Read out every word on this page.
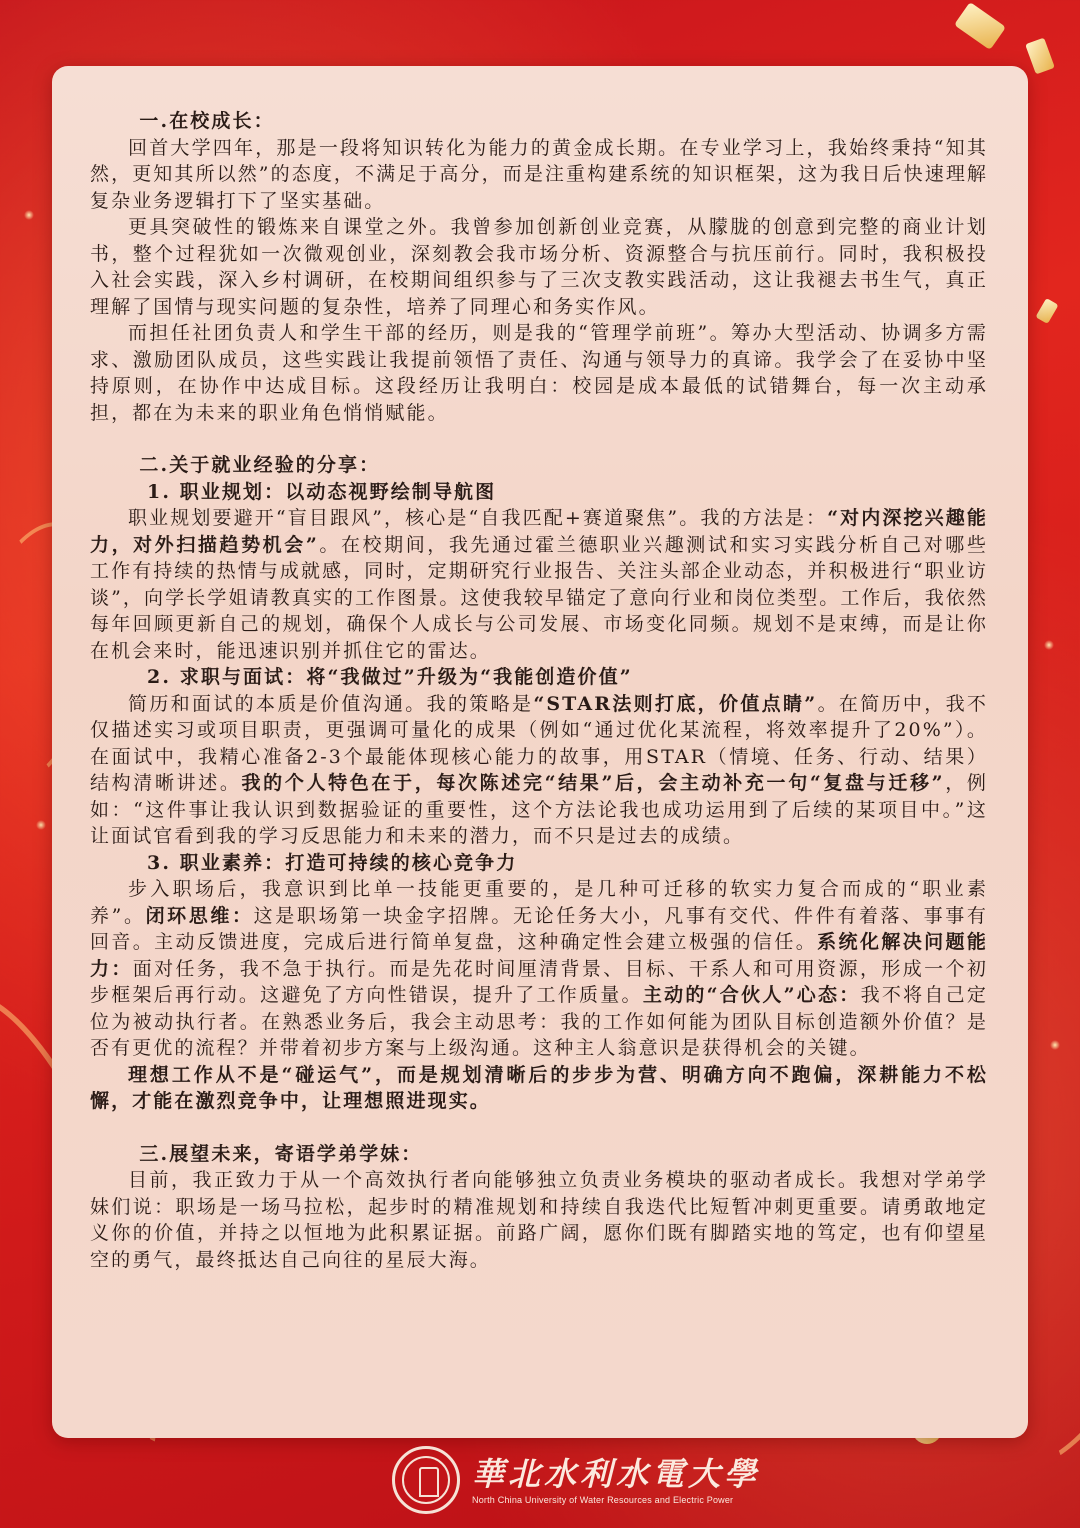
一.在校成长：

回首大学四年，那是一段将知识转化为能力的黄金成长期。在专业学习上，我始终秉持“知其然，更知其所以然”的态度，不满足于高分，而是注重构建系统的知识框架，这为我日后快速理解复杂业务逻辑打下了坚实基础。

更具突破性的锻炼来自课堂之外。我曾参加创新创业竞赛，从朦胧的创意到完整的商业计划书，整个过程犹如一次微观创业，深刻教会我市场分析、资源整合与抗压前行。同时，我积极投入社会实践，深入乡村调研，在校期间组织参与了三次支教实践活动，这让我褪去书生气，真正理解了国情与现实问题的复杂性，培养了同理心和务实作风。

而担任社团负责人和学生干部的经历，则是我的“管理学前班”。筹办大型活动、协调多方需求、激励团队成员，这些实践让我提前领悟了责任、沟通与领导力的真谛。我学会了在妥协中坚持原则，在协作中达成目标。这段经历让我明白：校园是成本最低的试错舞台，每一次主动承担，都在为未来的职业角色悄悄赋能。

二.关于就业经验的分享：

1. 职业规划：以动态视野绘制导航图

职业规划要避开“盲目跟风”，核心是“自我匹配+赛道聚焦”。我的方法是：“对内深挖兴趣能力，对外扫描趋势机会”。在校期间，我先通过霍兰德职业兴趣测试和实习实践分析自己对哪些工作有持续的热情与成就感，同时，定期研究行业报告、关注头部企业动态，并积极进行“职业访谈”，向学长学姐请教真实的工作图景。这使我较早锚定了意向行业和岗位类型。工作后，我依然每年回顾更新自己的规划，确保个人成长与公司发展、市场变化同频。规划不是束缚，而是让你在机会来时，能迅速识别并抓住它的雷达。

2. 求职与面试：将“我做过”升级为“我能创造价值”

简历和面试的本质是价值沟通。我的策略是“STAR法则打底，价值点睛”。在简历中，我不仅描述实习或项目职责，更强调可量化的成果（例如“通过优化某流程，将效率提升了20%”）。在面试中，我精心准备2-3个最能体现核心能力的故事，用STAR（情境、任务、行动、结果）结构清晰讲述。我的个人特色在于，每次陈述完“结果”后，会主动补充一句“复盘与迁移”，例如：“这件事让我认识到数据验证的重要性，这个方法论我也成功运用到了后续的某项目中。”这让面试官看到我的学习反思能力和未来的潜力，而不只是过去的成绩。

3. 职业素养：打造可持续的核心竞争力

步入职场后，我意识到比单一技能更重要的，是几种可迁移的软实力复合而成的“职业素养”。闭环思维：这是职场第一块金字招牌。无论任务大小，凡事有交代、件件有着落、事事有回音。主动反馈进度，完成后进行简单复盘，这种确定性会建立极强的信任。系统化解决问题能力：面对任务，我不急于执行。而是先花时间厘清背景、目标、干系人和可用资源，形成一个初步框架后再行动。这避免了方向性错误，提升了工作质量。主动的“合伙人”心态：我不将自己定位为被动执行者。在熟悉业务后，我会主动思考：我的工作如何能为团队目标创造额外价值？是否有更优的流程？并带着初步方案与上级沟通。这种主人翁意识是获得机会的关键。

理想工作从不是“碰运气”，而是规划清晰后的步步为营、明确方向不跑偏，深耕能力不松懈，才能在激烈竞争中，让理想照进现实。

三.展望未来，寄语学弟学妹：

目前，我正致力于从一个高效执行者向能够独立负责业务模块的驱动者成长。我想对学弟学妹们说：职场是一场马拉松，起步时的精准规划和持续自我迭代比短暂冲刺更重要。请勇敢地定义你的价值，并持之以恒地为此积累证据。前路广阔，愿你们既有脚踏实地的笃定，也有仰望星空的勇气，最终抵达自己向往的星辰大海。

華北水利水電大學
North China University of Water Resources and Electric Power
